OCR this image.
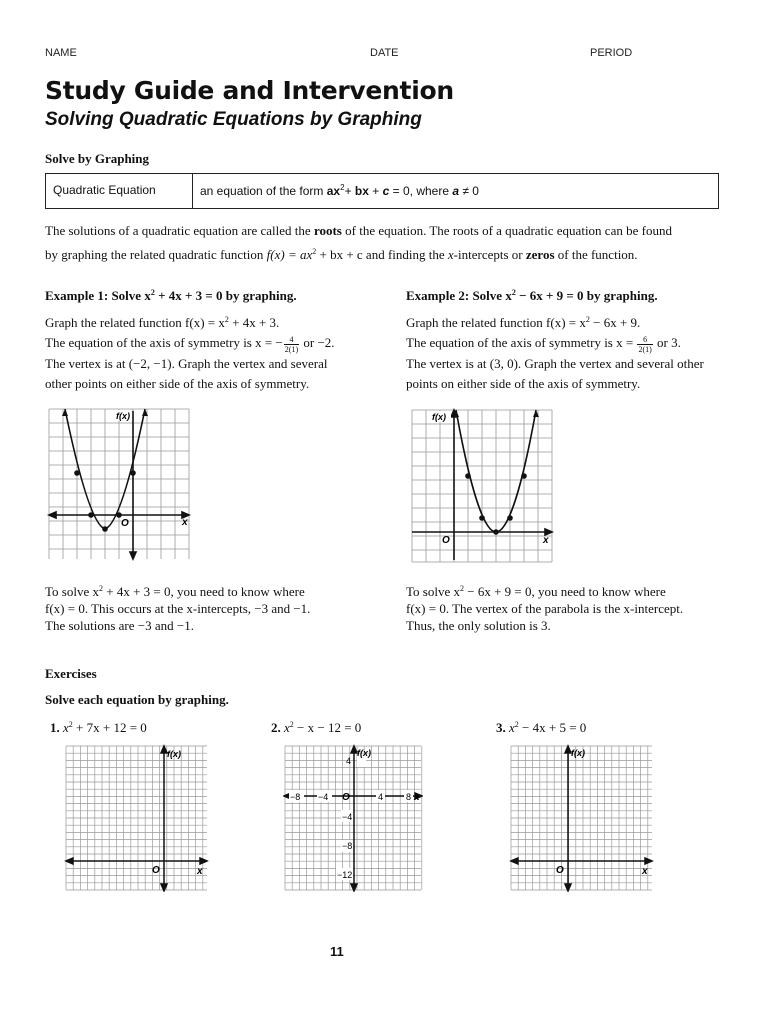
NAME	DATE	PERIOD
Study Guide and Intervention
Solving Quadratic Equations by Graphing
Solve by Graphing
Quadratic Equation	an equation of the form $ax^2+$ bx + c = 0, where a ≠ 0
The solutions of a quadratic equation are called the roots of the equation. The roots of a quadratic equation can be found
by graphing the related quadratic function $f(x) = ax^2$ + bx + c and finding the x-intercepts or zeros of the function.
Example 1: Solve $x^2 + 4x + 3 = 0$ by graphing.
Graph the related function $f(x) = x^2 + 4x + 3$.
The equation of the axis of symmetry is x = − $\frac{4}{2(1)}$ or −2.
The vertex is at (−2, −1). Graph the vertex and several
other points on either side of the axis of symmetry.
f(x)
O	x
To solve $x^2 + 4x + 3 = 0$, you need to know where
f(x) = 0. This occurs at the x-intercepts, −3 and −1.
The solutions are −3 and −1.
Example 2: Solve $x^2 - 6x + 9 = 0$ by graphing.
Graph the related function $f(x) = x^2 - 6x + 9$.
The equation of the axis of symmetry is $x = \frac{6}{2(1)}$ or 3.
The vertex is at (3, 0). Graph the vertex and several other
points on either side of the axis of symmetry.
f(x)
O	x
To solve $x^2 - 6x + 9 = 0$, you need to know where
f(x) = 0. The vertex of the parabola is the x-intercept.
Thus, the only solution is 3.
Exercises
Solve each equation by graphing.
1. $x^2 + 7x + 12 = 0$	2. $x^2 - x - 12 = 0$	3. $x^2 - 4x + 5 = 0$
f(x)
O	x
−8 −4	4	8
4
−4
−8
−12
f(x)
O	x
f(x)
O	x
11
